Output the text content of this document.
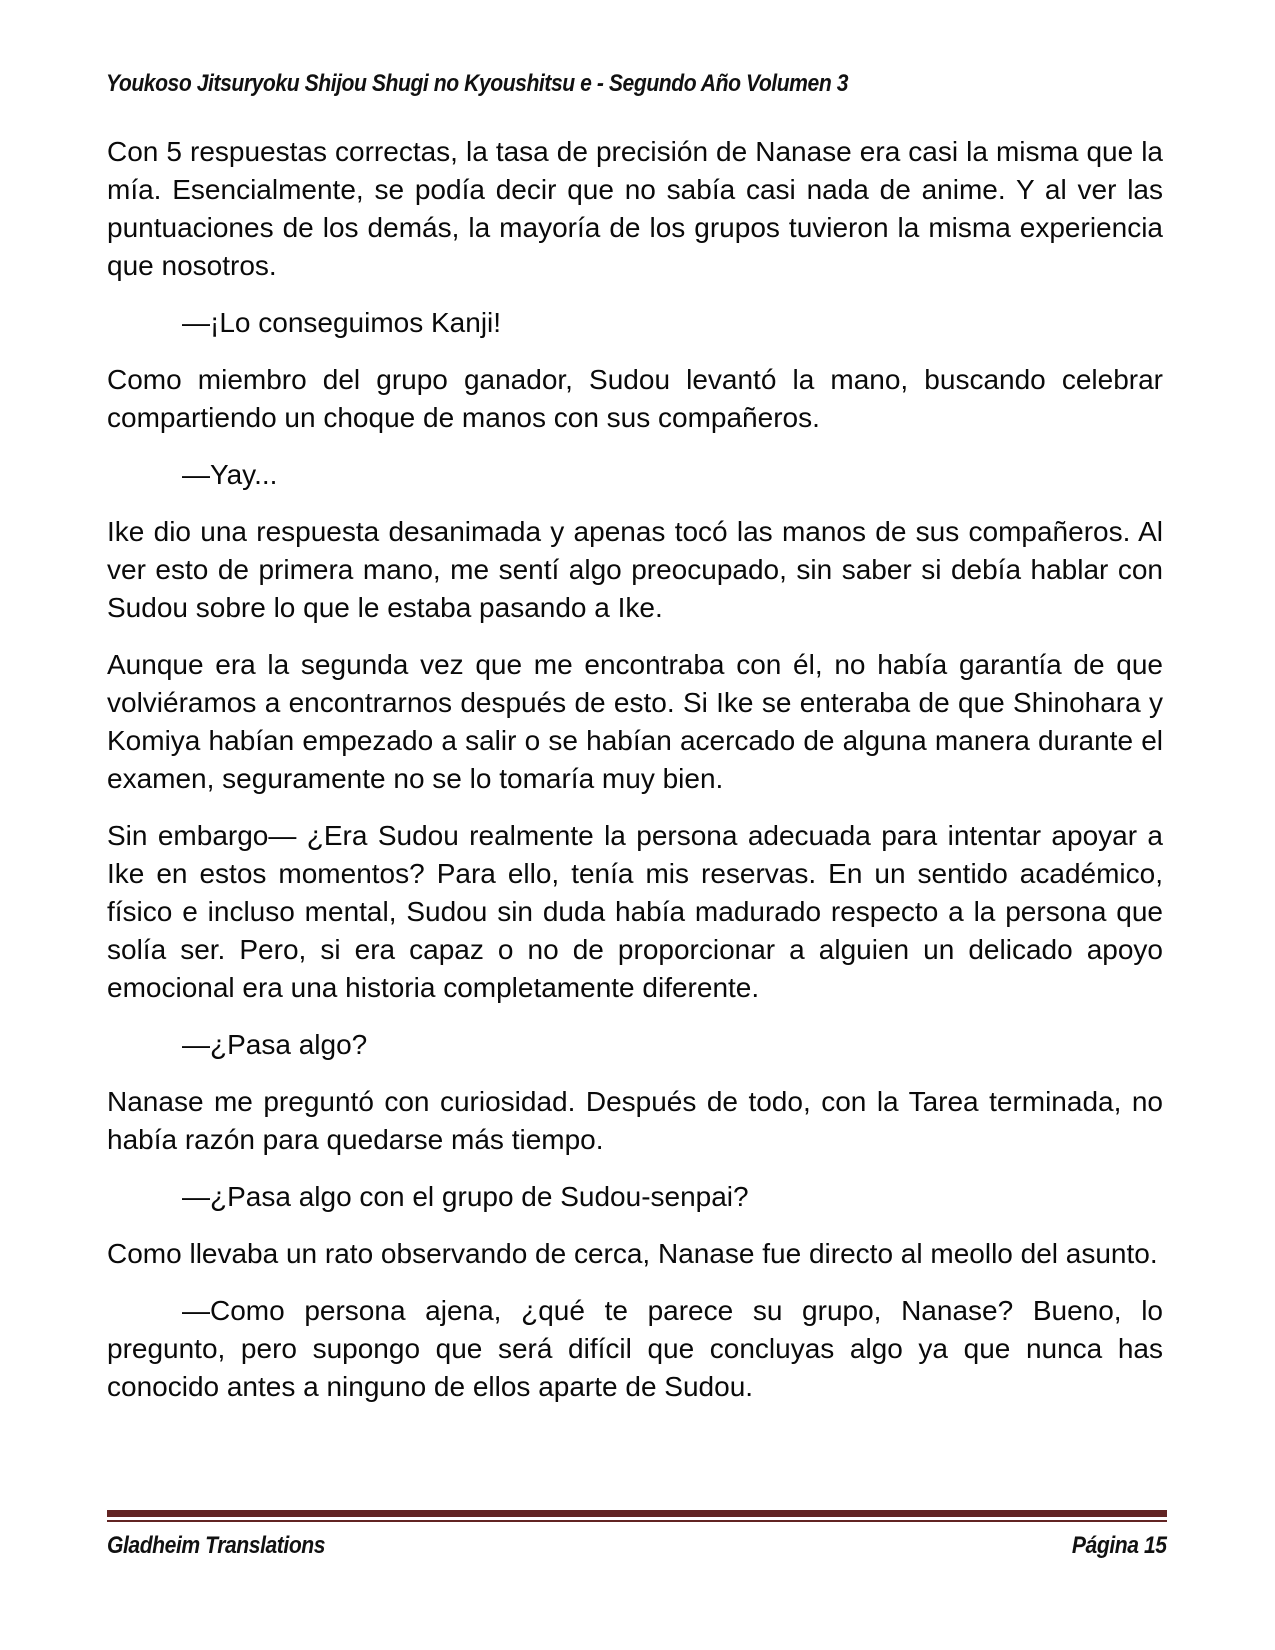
Youkoso Jitsuryoku Shijou Shugi no Kyoushitsu e - Segundo Año Volumen 3

Con 5 respuestas correctas, la tasa de precisión de Nanase era casi la misma que la mía. Esencialmente, se podía decir que no sabía casi nada de anime. Y al ver las puntuaciones de los demás, la mayoría de los grupos tuvieron la misma experiencia que nosotros.

—¡Lo conseguimos Kanji!

Como miembro del grupo ganador, Sudou levantó la mano, buscando celebrar compartiendo un choque de manos con sus compañeros.

—Yay...

Ike dio una respuesta desanimada y apenas tocó las manos de sus compañeros. Al ver esto de primera mano, me sentí algo preocupado, sin saber si debía hablar con Sudou sobre lo que le estaba pasando a Ike.

Aunque era la segunda vez que me encontraba con él, no había garantía de que volviéramos a encontrarnos después de esto. Si Ike se enteraba de que Shinohara y Komiya habían empezado a salir o se habían acercado de alguna manera durante el examen, seguramente no se lo tomaría muy bien.

Sin embargo— ¿Era Sudou realmente la persona adecuada para intentar apoyar a Ike en estos momentos? Para ello, tenía mis reservas. En un sentido académico, físico e incluso mental, Sudou sin duda había madurado respecto a la persona que solía ser. Pero, si era capaz o no de proporcionar a alguien un delicado apoyo emocional era una historia completamente diferente.

—¿Pasa algo?

Nanase me preguntó con curiosidad. Después de todo, con la Tarea terminada, no había razón para quedarse más tiempo.

—¿Pasa algo con el grupo de Sudou-senpai?

Como llevaba un rato observando de cerca, Nanase fue directo al meollo del asunto.

—Como persona ajena, ¿qué te parece su grupo, Nanase? Bueno, lo pregunto, pero supongo que será difícil que concluyas algo ya que nunca has conocido antes a ninguno de ellos aparte de Sudou.

Gladheim Translations	Página 15
